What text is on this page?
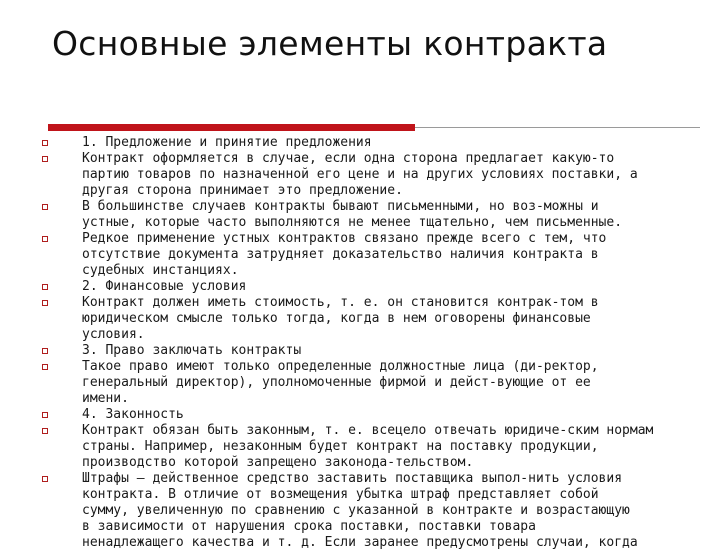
Основные элементы контракта

1. Предложение и принятие предложения

Контракт оформляется в случае, если одна сторона предлагает какую-то
партию товаров по назначенной его цене и на других условиях поставки, а
другая сторона принимает это предложение.

В большинстве случаев контракты бывают письменными, но воз-можны и
устные, которые часто выполняются не менее тщательно, чем письменные.

Редкое применение устных контрактов связано прежде всего с тем, что
отсутствие документа затрудняет доказательство наличия контракта в
судебных инстанциях.

2. Финансовые условия

Контракт должен иметь стоимость, т. е. он становится контрак-том в
юридическом смысле только тогда, когда в нем оговорены финансовые
условия.

3. Право заключать контракты

Такое право имеют только определенные должностные лица (ди-ректор,
генеральный директор), уполномоченные фирмой и дейст-вующие от ее
имени.

4. Законность

Контракт обязан быть законным, т. е. всецело отвечать юридиче-ским нормам
страны. Например, незаконным будет контракт на поставку продукции,
производство которой запрещено законода-тельством.

Штрафы — действенное средство заставить поставщика выпол-нить условия
контракта. В отличие от возмещения убытка штраф представляет собой
сумму, увеличенную по сравнению с указанной в контракте и возрастающую
в зависимости от нарушения срока поставки, поставки товара
ненадлежащего качества и т. д. Если заранее предусмотрены случаи, когда
